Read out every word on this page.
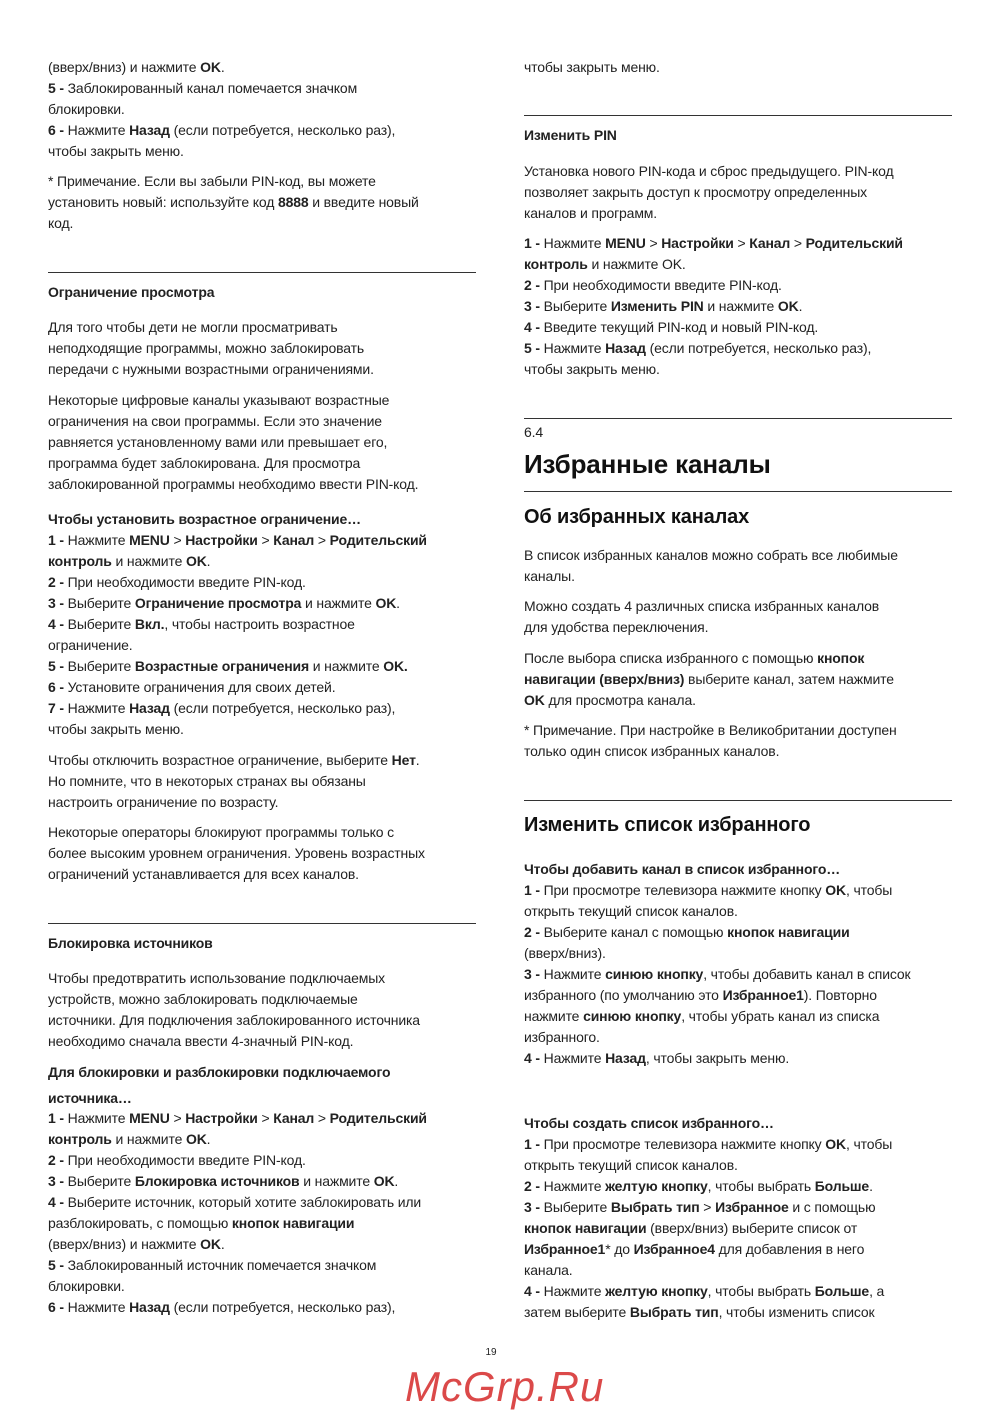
(вверх/вниз) и нажмите OK.
5 - Заблокированный канал помечается значком
блокировки.
6 - Нажмите Назад (если потребуется, несколько раз),
чтобы закрыть меню.
* Примечание. Если вы забыли PIN-код, вы можете
установить новый: используйте код 8888 и введите новый
код.
Ограничение просмотра
Для того чтобы дети не могли просматривать
неподходящие программы, можно заблокировать
передачи с нужными возрастными ограничениями.
Некоторые цифровые каналы указывают возрастные
ограничения на свои программы. Если это значение
равняется установленному вами или превышает его,
программа будет заблокирована. Для просмотра
заблокированной программы необходимо ввести PIN-код.
Чтобы установить возрастное ограничение…
1 - Нажмите MENU > Настройки > Канал > Родительский
контроль и нажмите OK.
2 - При необходимости введите PIN-код.
3 - Выберите Ограничение просмотра и нажмите OK.
4 - Выберите Вкл., чтобы настроить возрастное
ограничение.
5 - Выберите Возрастные ограничения и нажмите OK.
6 - Установите ограничения для своих детей.
7 - Нажмите Назад (если потребуется, несколько раз),
чтобы закрыть меню.
Чтобы отключить возрастное ограничение, выберите Нет.
Но помните, что в некоторых странах вы обязаны
настроить ограничение по возрасту.
Некоторые операторы блокируют программы только с
более высоким уровнем ограничения. Уровень возрастных
ограничений устанавливается для всех каналов.
Блокировка источников
Чтобы предотвратить использование подключаемых
устройств, можно заблокировать подключаемые
источники. Для подключения заблокированного источника
необходимо сначала ввести 4-значный PIN-код.
Для блокировки и разблокировки подключаемого
источника…
1 - Нажмите MENU > Настройки > Канал > Родительский
контроль и нажмите OK.
2 - При необходимости введите PIN-код.
3 - Выберите Блокировка источников и нажмите OK.
4 - Выберите источник, который хотите заблокировать или
разблокировать, с помощью кнопок навигации
(вверх/вниз) и нажмите OK.
5 - Заблокированный источник помечается значком
блокировки.
6 - Нажмите Назад (если потребуется, несколько раз),
чтобы закрыть меню.
Изменить PIN
Установка нового PIN-кода и сброс предыдущего. PIN-код
позволяет закрыть доступ к просмотру определенных
каналов и программ.
1 - Нажмите MENU > Настройки > Канал > Родительский
контроль и нажмите OK.
2 - При необходимости введите PIN-код.
3 - Выберите Изменить PIN и нажмите OK.
4 - Введите текущий PIN-код и новый PIN-код.
5 - Нажмите Назад (если потребуется, несколько раз),
чтобы закрыть меню.
6.4
Избранные каналы
Об избранных каналах
В список избранных каналов можно собрать все любимые
каналы.
Можно создать 4 различных списка избранных каналов
для удобства переключения.
После выбора списка избранного с помощью кнопок
навигации (вверх/вниз) выберите канал, затем нажмите
OK для просмотра канала.
* Примечание. При настройке в Великобритании доступен
только один список избранных каналов.
Изменить список избранного
Чтобы добавить канал в список избранного…
1 - При просмотре телевизора нажмите кнопку OK, чтобы
открыть текущий список каналов.
2 - Выберите канал с помощью кнопок навигации
(вверх/вниз).
3 - Нажмите синюю кнопку, чтобы добавить канал в список
избранного (по умолчанию это Избранное1). Повторно
нажмите синюю кнопку, чтобы убрать канал из списка
избранного.
4 - Нажмите Назад, чтобы закрыть меню.
Чтобы создать список избранного…
1 - При просмотре телевизора нажмите кнопку OK, чтобы
открыть текущий список каналов.
2 - Нажмите желтую кнопку, чтобы выбрать Больше.
3 - Выберите Выбрать тип > Избранное и с помощью
кнопок навигации (вверх/вниз) выберите список от
Избранное1* до Избранное4 для добавления в него
канала.
4 - Нажмите желтую кнопку, чтобы выбрать Больше, а
затем выберите Выбрать тип, чтобы изменить список
19
McGrp.Ru
